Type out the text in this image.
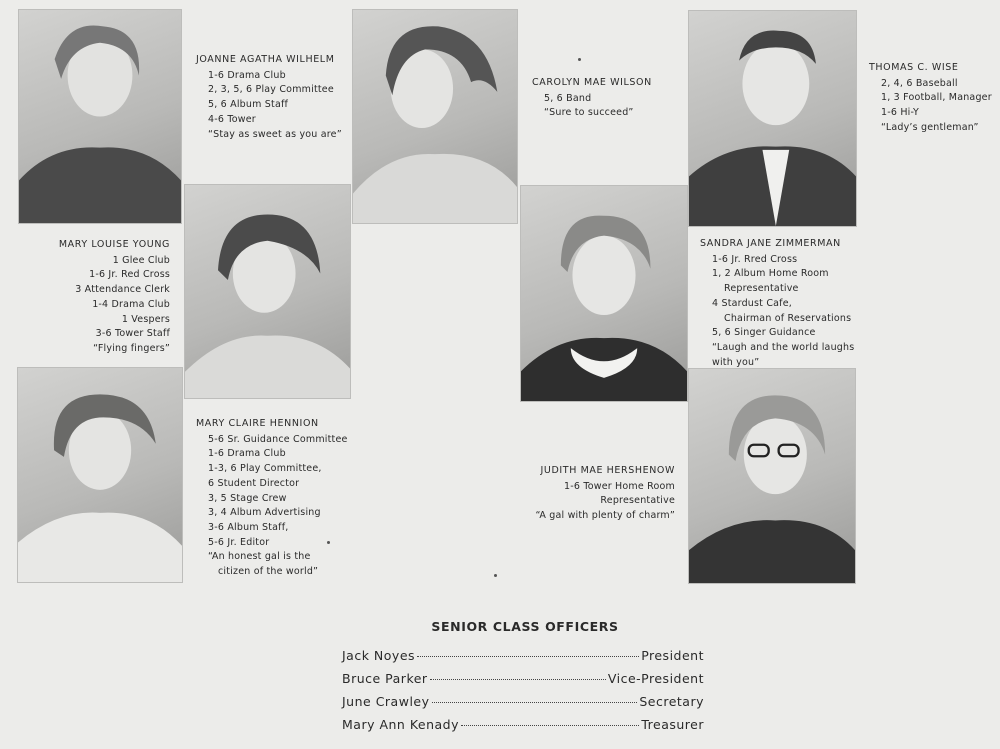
JOANNE AGATHA WILHELM
1-6 Drama Club
2, 3, 5, 6 Play Committee
5, 6 Album Staff
4-6 Tower
“Stay as sweet as you are”
CAROLYN MAE WILSON
5, 6 Band
“Sure to succeed”
THOMAS C. WISE
2, 4, 6 Baseball
1, 3 Football, Manager
1-6 Hi-Y
“Lady’s gentleman”
MARY LOUISE YOUNG
1 Glee Club
1-6 Jr. Red Cross
3 Attendance Clerk
1-4 Drama Club
1 Vespers
3-6 Tower Staff
“Flying fingers”
SANDRA JANE ZIMMERMAN
1-6 Jr. Rred Cross
1, 2 Album Home Room
Representative
4 Stardust Cafe,
Chairman of Reservations
5, 6 Singer Guidance
“Laugh and the world laughs
with you”
MARY CLAIRE HENNION
5-6 Sr. Guidance Committee
1-6 Drama Club
1-3, 6 Play Committee,
6 Student Director
3, 5 Stage Crew
3, 4 Album Advertising
3-6 Album Staff,
5-6 Jr. Editor
“An honest gal is the
citizen of the world”
JUDITH MAE HERSHENOW
1-6 Tower Home Room
Representative
“A gal with plenty of charm”
SENIOR CLASS OFFICERS
Jack Noyes	President
Bruce Parker	Vice-President
June Crawley	Secretary
Mary Ann Kenady	Treasurer
